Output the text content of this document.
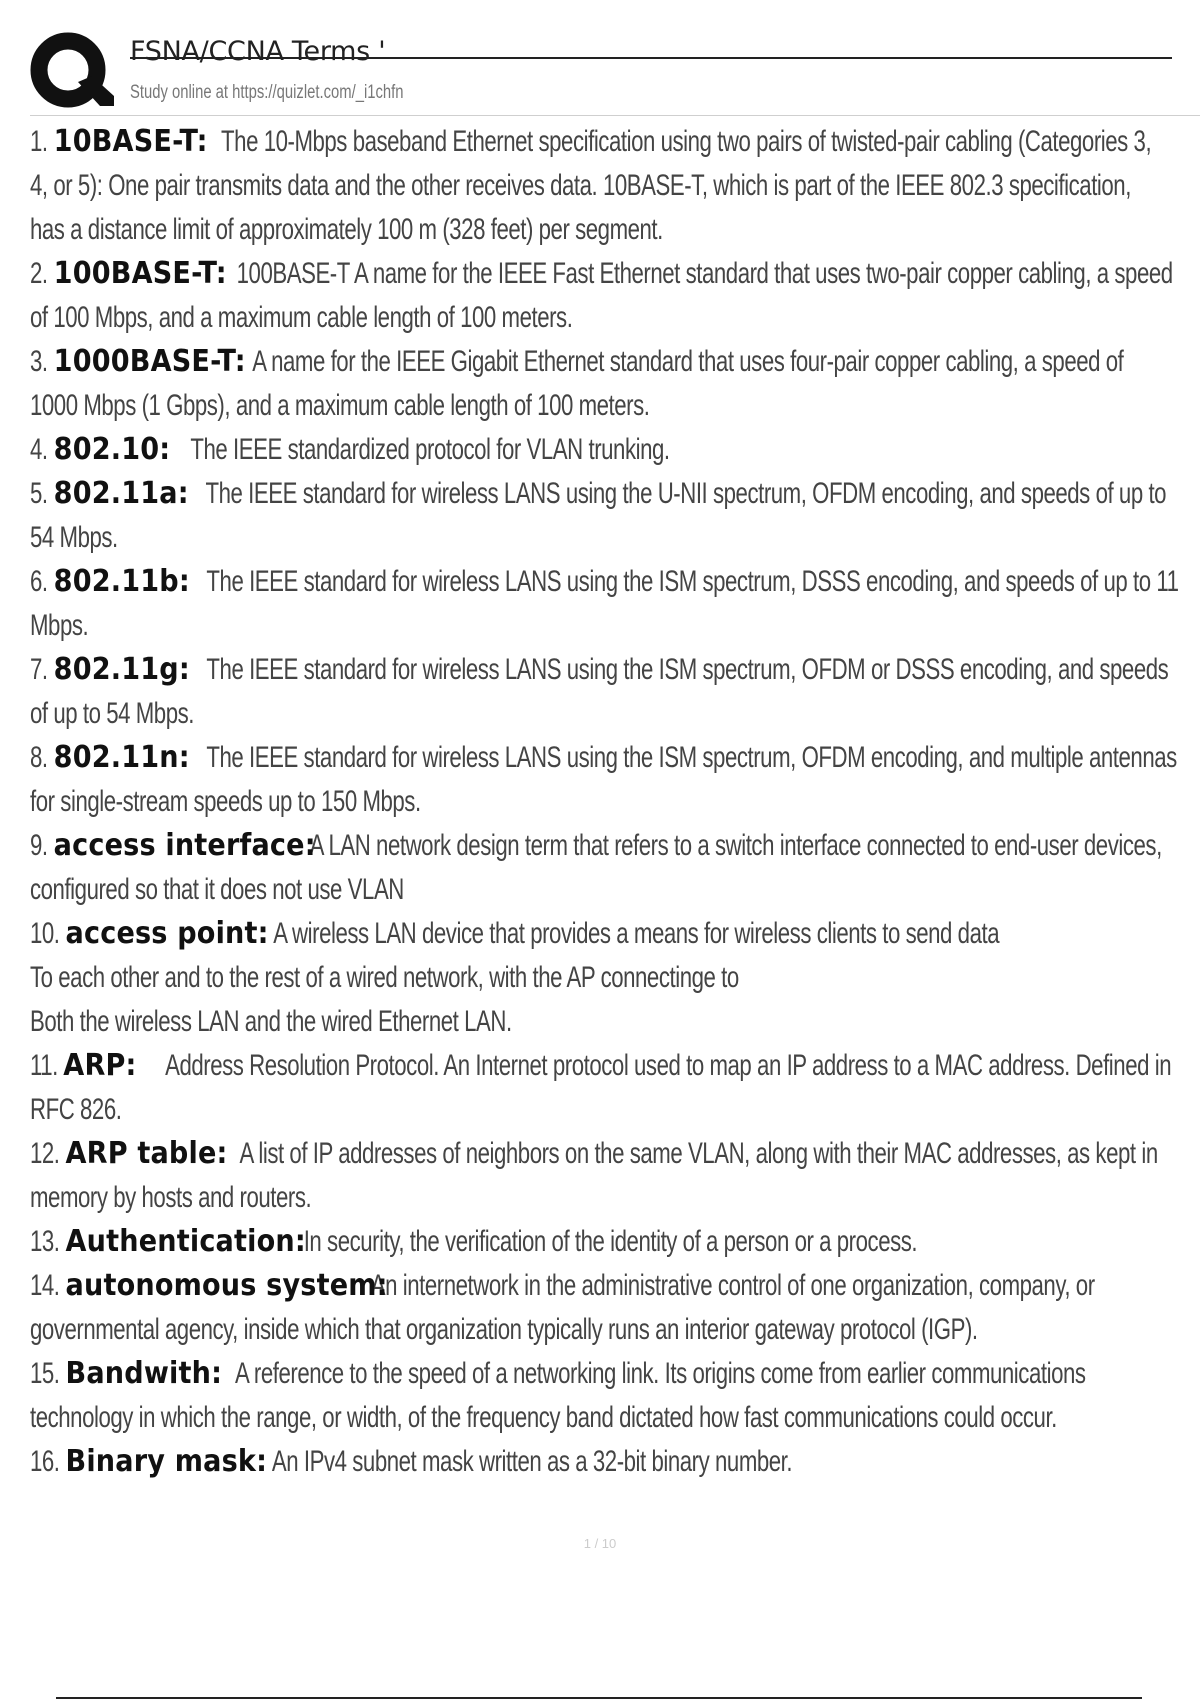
FSNA/CCNA Terms '
Study online at https://quizlet.com/_i1chfn
1. 10BASE-T: The 10-Mbps baseband Ethernet specification using two pairs of twisted-pair cabling (Categories 3,
4, or 5): One pair transmits data and the other receives data. 10BASE-T, which is part of the IEEE 802.3 specification,
has a distance limit of approximately 100 m (328 feet) per segment.
2. 100BASE-T: 100BASE-T A name for the IEEE Fast Ethernet standard that uses two-pair copper cabling, a speed
of 100 Mbps, and a maximum cable length of 100 meters.
3. 1000BASE-T: A name for the IEEE Gigabit Ethernet standard that uses four-pair copper cabling, a speed of
1000 Mbps (1 Gbps), and a maximum cable length of 100 meters.
4. 802.10: The IEEE standardized protocol for VLAN trunking.
5. 802.11a: The IEEE standard for wireless LANS using the U-NII spectrum, OFDM encoding, and speeds of up to
54 Mbps.
6. 802.11b: The IEEE standard for wireless LANS using the ISM spectrum, DSSS encoding, and speeds of up to 11
Mbps.
7. 802.11g: The IEEE standard for wireless LANS using the ISM spectrum, OFDM or DSSS encoding, and speeds
of up to 54 Mbps.
8. 802.11n: The IEEE standard for wireless LANS using the ISM spectrum, OFDM encoding, and multiple antennas
for single-stream speeds up to 150 Mbps.
9. access interface:A LAN network design term that refers to a switch interface connected to end-user devices,
configured so that it does not use VLAN
10. access point: A wireless LAN device that provides a means for wireless clients to send data
To each other and to the rest of a wired network, with the AP connectinge to
Both the wireless LAN and the wired Ethernet LAN.
11. ARP: Address Resolution Protocol. An Internet protocol used to map an IP address to a MAC address. Defined in
RFC 826.
12. ARP table: A list of IP addresses of neighbors on the same VLAN, along with their MAC addresses, as kept in
memory by hosts and routers.
13. Authentication:In security, the verification of the identity of a person or a process.
14. autonomous system:An internetwork in the administrative control of one organization, company, or
governmental agency, inside which that organization typically runs an interior gateway protocol (IGP).
15. Bandwith: A reference to the speed of a networking link. Its origins come from earlier communications
technology in which the range, or width, of the frequency band dictated how fast communications could occur.
16. Binary mask: An IPv4 subnet mask written as a 32-bit binary number.
1 / 10
